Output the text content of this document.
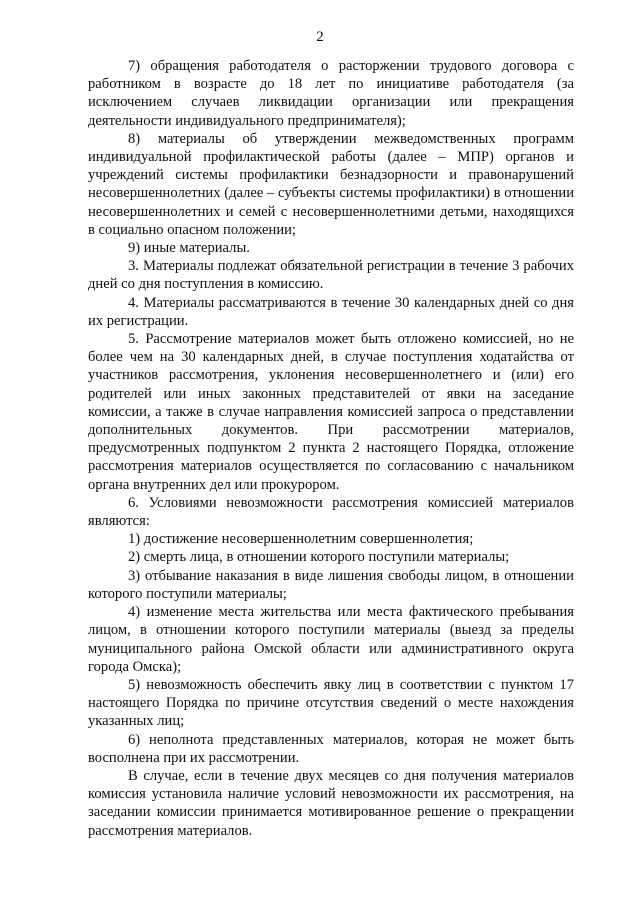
2

7) обращения работодателя о расторжении трудового договора с работником в возрасте до 18 лет по инициативе работодателя (за исключением случаев ликвидации организации или прекращения деятельности индивидуального предпринимателя);

8) материалы об утверждении межведомственных программ индивидуальной профилактической работы (далее – МПР) органов и учреждений системы профилактики безнадзорности и правонарушений несовершеннолетних (далее – субъекты системы профилактики) в отношении несовершеннолетних и семей с несовершеннолетними детьми, находящихся в социально опасном положении;

9) иные материалы.

3. Материалы подлежат обязательной регистрации в течение 3 рабочих дней со дня поступления в комиссию.

4. Материалы рассматриваются в течение 30 календарных дней со дня их регистрации.

5. Рассмотрение материалов может быть отложено комиссией, но не более чем на 30 календарных дней, в случае поступления ходатайства от участников рассмотрения, уклонения несовершеннолетнего и (или) его родителей или иных законных представителей от явки на заседание комиссии, а также в случае направления комиссией запроса о представлении дополнительных документов. При рассмотрении материалов, предусмотренных подпунктом 2 пункта 2 настоящего Порядка, отложение рассмотрения материалов осуществляется по согласованию с начальником органа внутренних дел или прокурором.

6. Условиями невозможности рассмотрения комиссией материалов являются:

1) достижение несовершеннолетним совершеннолетия;

2) смерть лица, в отношении которого поступили материалы;

3) отбывание наказания в виде лишения свободы лицом, в отношении которого поступили материалы;

4) изменение места жительства или места фактического пребывания лицом, в отношении которого поступили материалы (выезд за пределы муниципального района Омской области или административного округа города Омска);

5) невозможность обеспечить явку лиц в соответствии с пунктом 17 настоящего Порядка по причине отсутствия сведений о месте нахождения указанных лиц;

6) неполнота представленных материалов, которая не может быть восполнена при их рассмотрении.

В случае, если в течение двух месяцев со дня получения материалов комиссия установила наличие условий невозможности их рассмотрения, на заседании комиссии принимается мотивированное решение о прекращении рассмотрения материалов.
